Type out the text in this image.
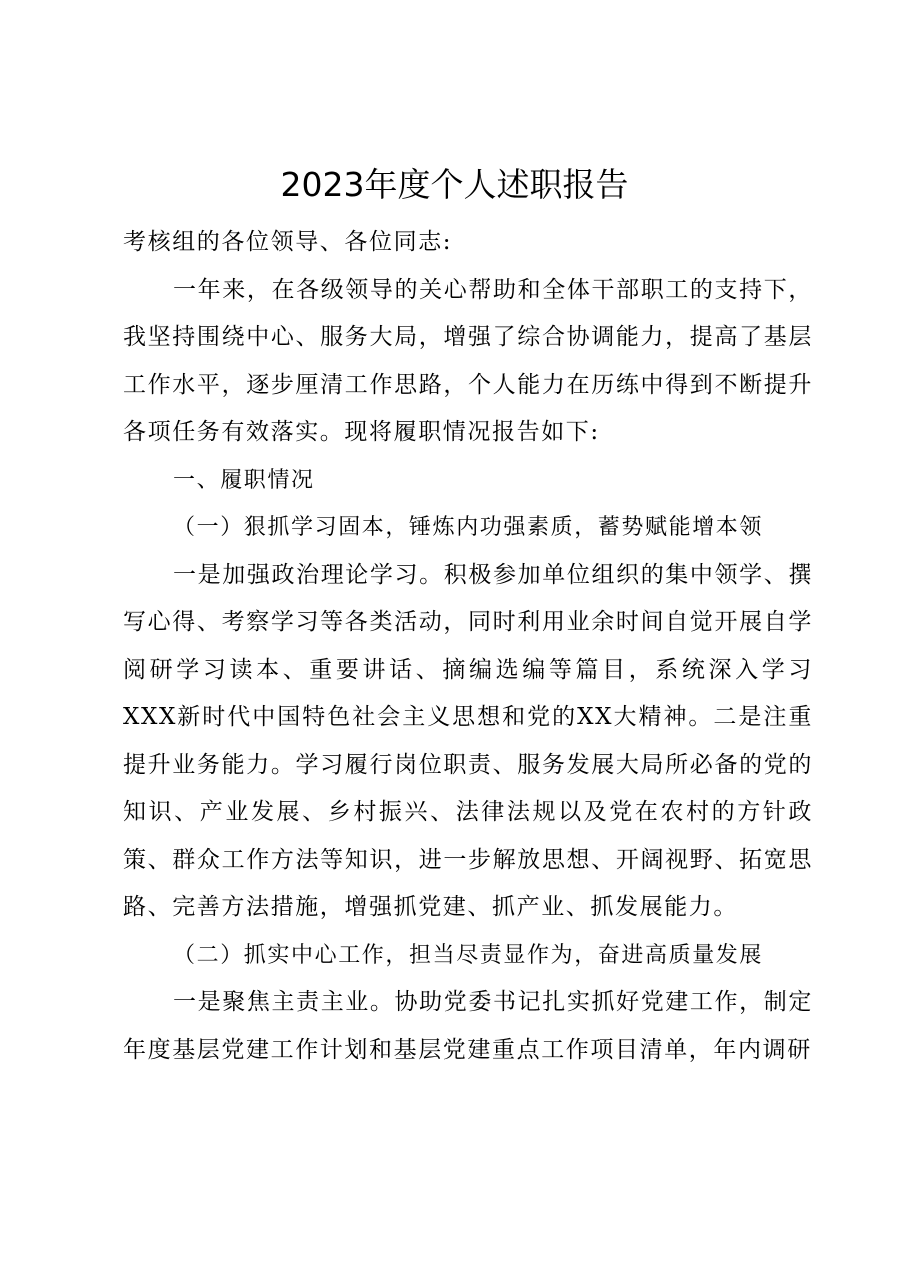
2023年度个人述职报告

考核组的各位领导、各位同志:

一年来，在各级领导的关心帮助和全体干部职工的支持下，我坚持围绕中心、服务大局，增强了综合协调能力，提高了基层工作水平，逐步厘清工作思路，个人能力在历练中得到不断提升各项任务有效落实。现将履职情况报告如下:

一、履职情况

（一）狠抓学习固本，锤炼内功强素质，蓄势赋能增本领

一是加强政治理论学习。积极参加单位组织的集中领学、撰写心得、考察学习等各类活动，同时利用业余时间自觉开展自学阅研学习读本、重要讲话、摘编选编等篇目，系统深入学习XXX新时代中国特色社会主义思想和党的XX大精神。二是注重提升业务能力。学习履行岗位职责、服务发展大局所必备的党的知识、产业发展、乡村振兴、法律法规以及党在农村的方针政策、群众工作方法等知识，进一步解放思想、开阔视野、拓宽思路、完善方法措施，增强抓党建、抓产业、抓发展能力。

（二）抓实中心工作，担当尽责显作为，奋进高质量发展

一是聚焦主责主业。协助党委书记扎实抓好党建工作，制定年度基层党建工作计划和基层党建重点工作项目清单，年内调研
